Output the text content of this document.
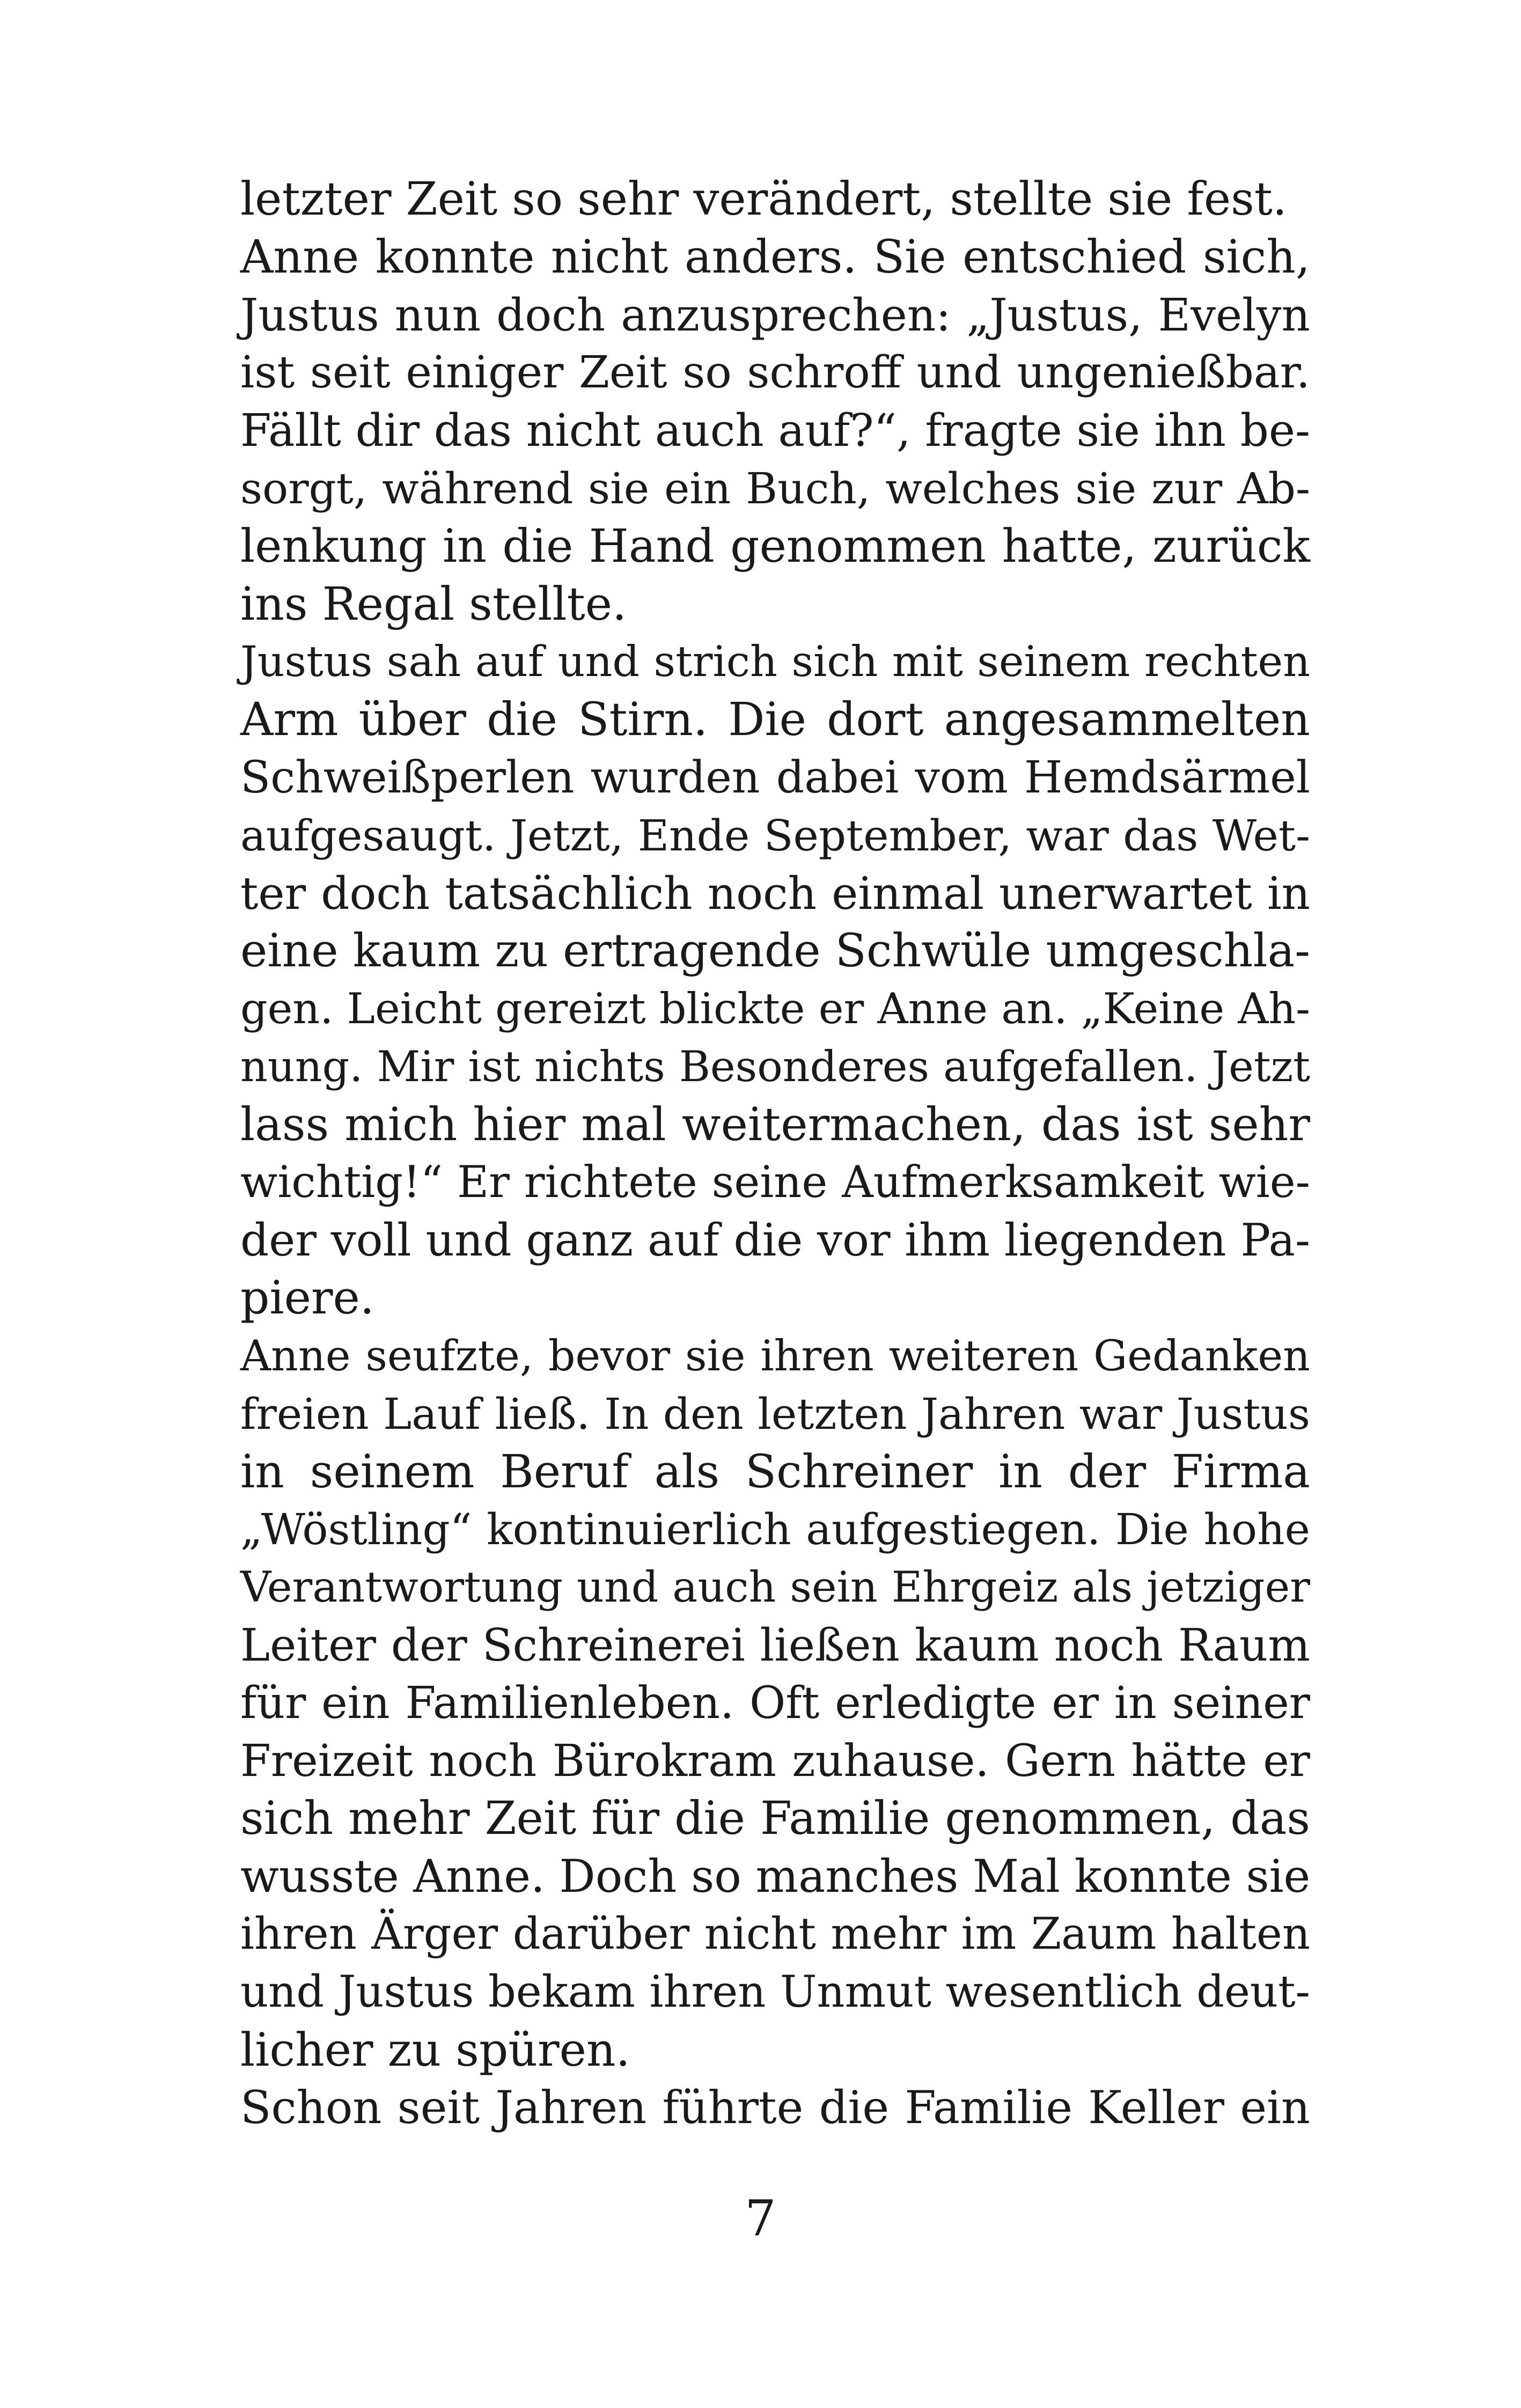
letzter Zeit so sehr verändert, stellte sie fest.
Anne konnte nicht anders. Sie entschied sich,
Justus nun doch anzusprechen: „Justus, Evelyn
ist seit einiger Zeit so schroff und ungenießbar.
Fällt dir das nicht auch auf?“, fragte sie ihn be-
sorgt, während sie ein Buch, welches sie zur Ab-
lenkung in die Hand genommen hatte, zurück
ins Regal stellte.
Justus sah auf und strich sich mit seinem rechten
Arm über die Stirn. Die dort angesammelten
Schweißperlen wurden dabei vom Hemdsärmel
aufgesaugt. Jetzt, Ende September, war das Wet-
ter doch tatsächlich noch einmal unerwartet in
eine kaum zu ertragende Schwüle umgeschla-
gen. Leicht gereizt blickte er Anne an. „Keine Ah-
nung. Mir ist nichts Besonderes aufgefallen. Jetzt
lass mich hier mal weitermachen, das ist sehr
wichtig!“ Er richtete seine Aufmerksamkeit wie-
der voll und ganz auf die vor ihm liegenden Pa-
piere.
Anne seufzte, bevor sie ihren weiteren Gedanken
freien Lauf ließ. In den letzten Jahren war Justus
in seinem Beruf als Schreiner in der Firma
„Wöstling“ kontinuierlich aufgestiegen. Die hohe
Verantwortung und auch sein Ehrgeiz als jetziger
Leiter der Schreinerei ließen kaum noch Raum
für ein Familienleben. Oft erledigte er in seiner
Freizeit noch Bürokram zuhause. Gern hätte er
sich mehr Zeit für die Familie genommen, das
wusste Anne. Doch so manches Mal konnte sie
ihren Ärger darüber nicht mehr im Zaum halten
und Justus bekam ihren Unmut wesentlich deut-
licher zu spüren.
Schon seit Jahren führte die Familie Keller ein
7
